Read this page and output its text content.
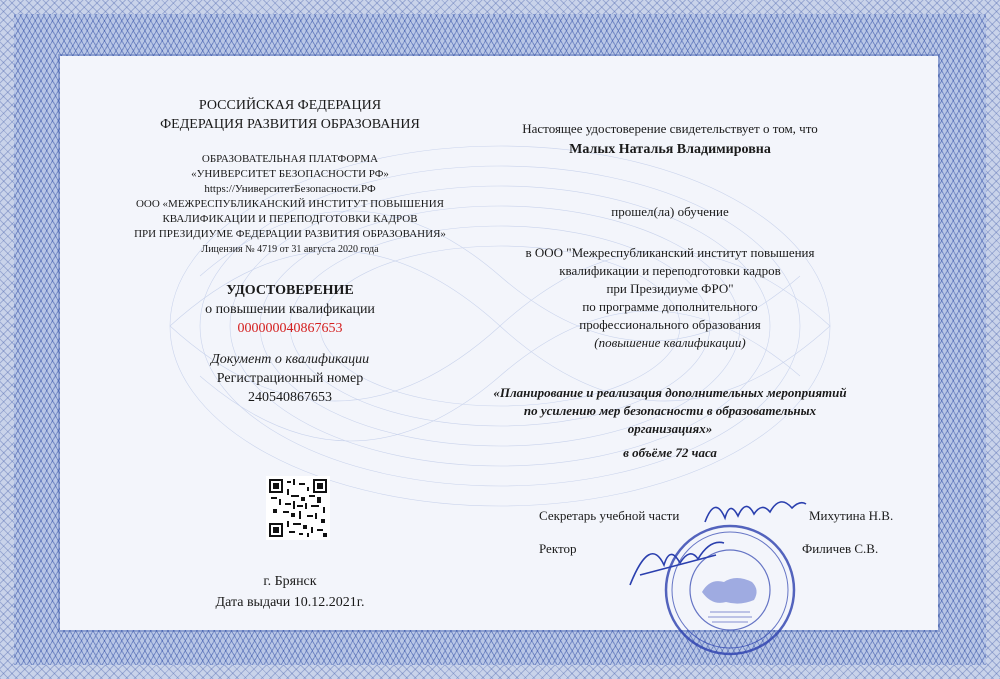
РОССИЙСКАЯ ФЕДЕРАЦИЯ
ФЕДЕРАЦИЯ РАЗВИТИЯ ОБРАЗОВАНИЯ
ОБРАЗОВАТЕЛЬНАЯ ПЛАТФОРМА
«УНИВЕРСИТЕТ БЕЗОПАСНОСТИ РФ»
https://УниверситетБезопасности.РФ
ООО «МЕЖРЕСПУБЛИКАНСКИЙ ИНСТИТУТ ПОВЫШЕНИЯ
КВАЛИФИКАЦИИ И ПЕРЕПОДГОТОВКИ КАДРОВ
ПРИ ПРЕЗИДИУМЕ ФЕДЕРАЦИИ РАЗВИТИЯ ОБРАЗОВАНИЯ»
Лицензия № 4719 от 31 августа 2020 года
УДОСТОВЕРЕНИЕ
о повышении квалификации
000000040867653
Документ о квалификации
Регистрационный номер
240540867653
г. Брянск
Дата выдачи 10.12.2021г.
Настоящее удостоверение свидетельствует о том, что
Малых Наталья Владимировна
прошел(ла) обучение
в ООО "Межреспубликанский институт повышения
квалификации и переподготовки кадров
при Президиуме ФРО"
по программе дополнительного
профессионального образования
(повышение квалификации)
«Планирование и реализация дополнительных мероприятий
по усилению мер безопасности в образовательных
организациях»
в объёме 72 часа
Секретарь учебной части	Михутина Н.В.
Ректор	Филичев С.В.
